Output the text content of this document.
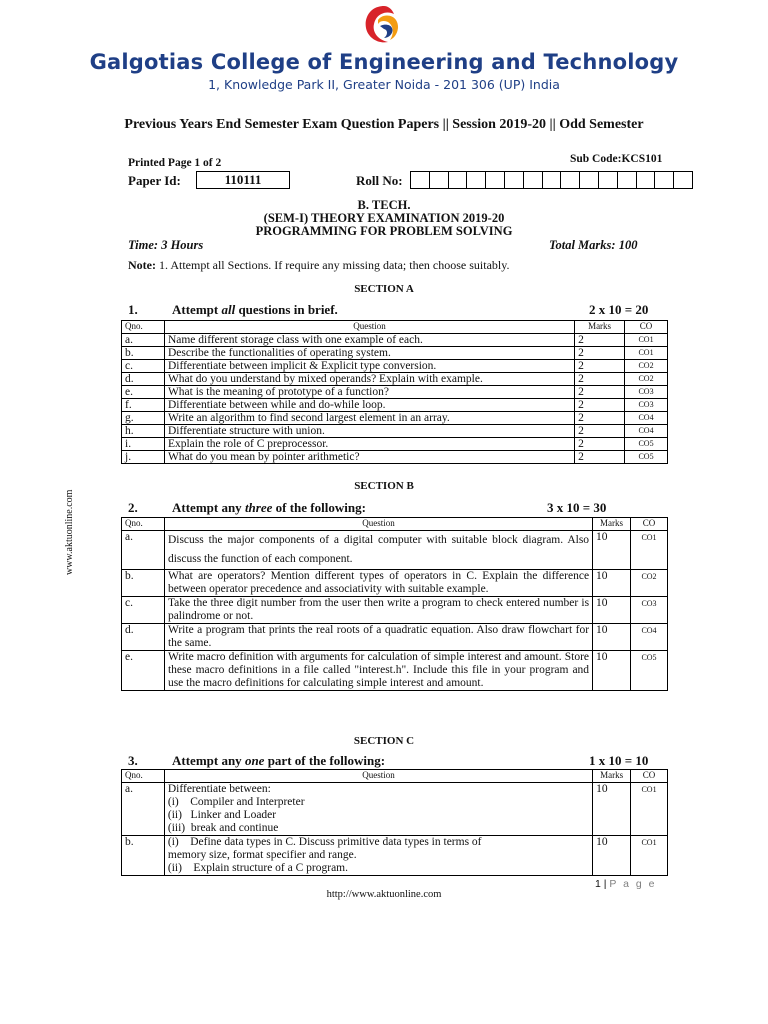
Galgotias College of Engineering and Technology
1, Knowledge Park II, Greater Noida - 201 306 (UP) India
Previous Years End Semester Exam Question Papers || Session 2019-20 || Odd Semester
Printed Page 1 of 2	Sub Code:KCS101
Paper Id:	110111	Roll No:
B. TECH.
(SEM-I) THEORY EXAMINATION 2019-20
PROGRAMMING FOR PROBLEM SOLVING
Time: 3 Hours	Total Marks: 100
Note: 1. Attempt all Sections. If require any missing data; then choose suitably.
SECTION A
1.	Attempt all questions in brief.	2 x 10 = 20
Qno.	Question	Marks	CO
a.	Name different storage class with one example of each.	2	CO1
b.	Describe the functionalities of operating system.	2	CO1
c.	Differentiate between implicit & Explicit type conversion.	2	CO2
d.	What do you understand by mixed operands? Explain with example.	2	CO2
e.	What is the meaning of prototype of a function?	2	CO3
f.	Differentiate between while and do-while loop.	2	CO3
g.	Write an algorithm to find second largest element in an array.	2	CO4
h.	Differentiate structure with union.	2	CO4
i.	Explain the role of C preprocessor.	2	CO5
j.	What do you mean by pointer arithmetic?	2	CO5
SECTION B
2.	Attempt any three of the following:	3 x 10 = 30
Qno.	Question	Marks	CO
a.	Discuss the major components of a digital computer with suitable block diagram. Also discuss the function of each component.	10	CO1
b.	What are operators? Mention different types of operators in C. Explain the difference between operator precedence and associativity with suitable example.	10	CO2
c.	Take the three digit number from the user then write a program to check entered number is palindrome or not.	10	CO3
d.	Write a program that prints the real roots of a quadratic equation. Also draw flowchart for the same.	10	CO4
e.	Write macro definition with arguments for calculation of simple interest and amount. Store these macro definitions in a file called "interest.h". Include this file in your program and use the macro definitions for calculating simple interest and amount.	10	CO5
SECTION C
3.	Attempt any one part of the following:	1 x 10 = 10
Qno.	Question	Marks	CO
a.	Differentiate between:
(i)    Compiler and Interpreter
(ii)   Linker and Loader
(iii)  break and continue	10	CO1
b.	(i)    Define data types in C. Discuss primitive data types in terms of
memory size, format specifier and range.
(ii)    Explain structure of a C program.	10	CO1
www.aktuonline.com
1 | P a g e
http://www.aktuonline.com
